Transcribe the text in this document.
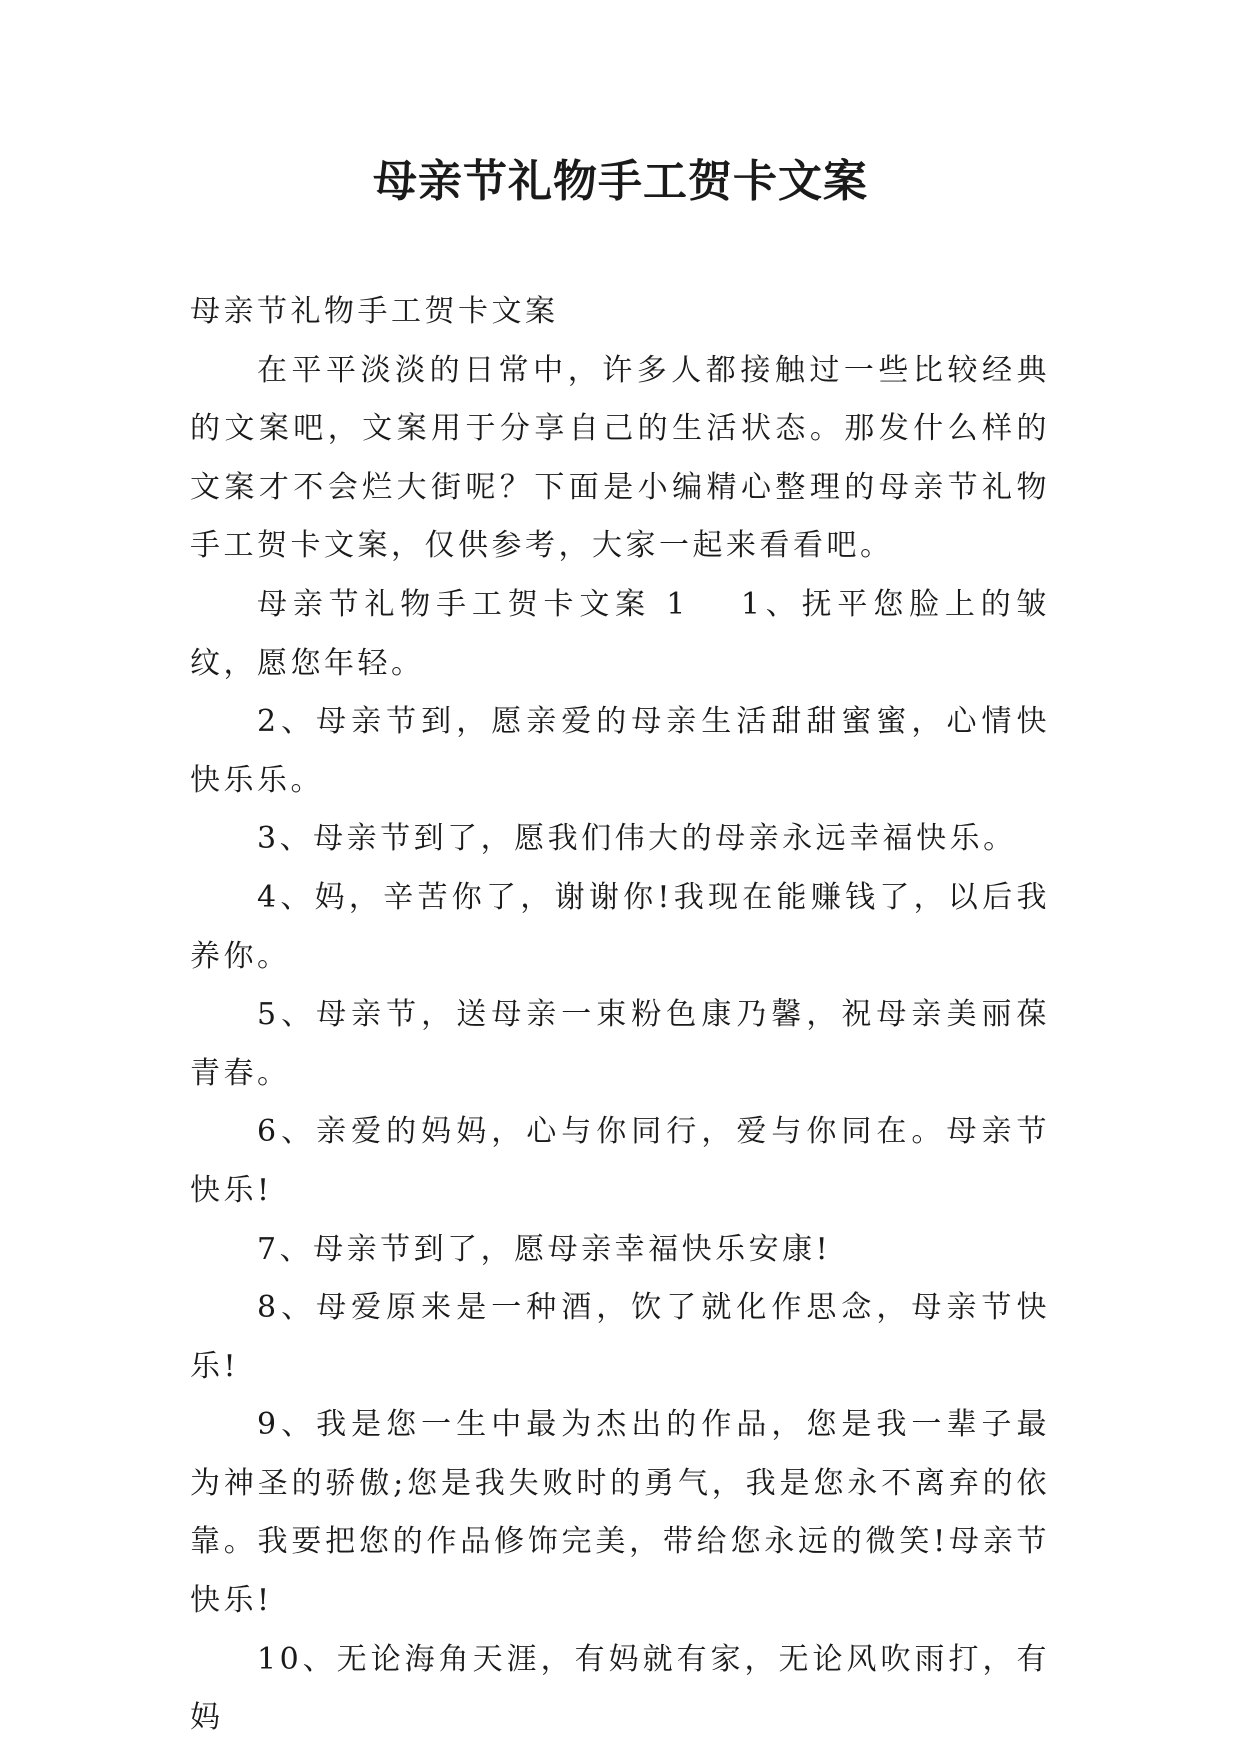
母亲节礼物手工贺卡文案

母亲节礼物手工贺卡文案

在平平淡淡的日常中，许多人都接触过一些比较经典的文案吧，文案用于分享自己的生活状态。那发什么样的文案才不会烂大街呢？下面是小编精心整理的母亲节礼物手工贺卡文案，仅供参考，大家一起来看看吧。

母亲节礼物手工贺卡文案 1 1、抚平您脸上的皱纹，愿您年轻。

2、母亲节到，愿亲爱的母亲生活甜甜蜜蜜，心情快快乐乐。

3、母亲节到了，愿我们伟大的母亲永远幸福快乐。

4、妈，辛苦你了，谢谢你!我现在能赚钱了，以后我养你。

5、母亲节，送母亲一束粉色康乃馨，祝母亲美丽葆青春。

6、亲爱的妈妈，心与你同行，爱与你同在。母亲节快乐!

7、母亲节到了，愿母亲幸福快乐安康!

8、母爱原来是一种酒，饮了就化作思念，母亲节快乐!

9、我是您一生中最为杰出的作品，您是我一辈子最为神圣的骄傲;您是我失败时的勇气，我是您永不离弃的依靠。我要把您的作品修饰完美，带给您永远的微笑!母亲节快乐!

10、无论海角天涯，有妈就有家，无论风吹雨打，有妈
